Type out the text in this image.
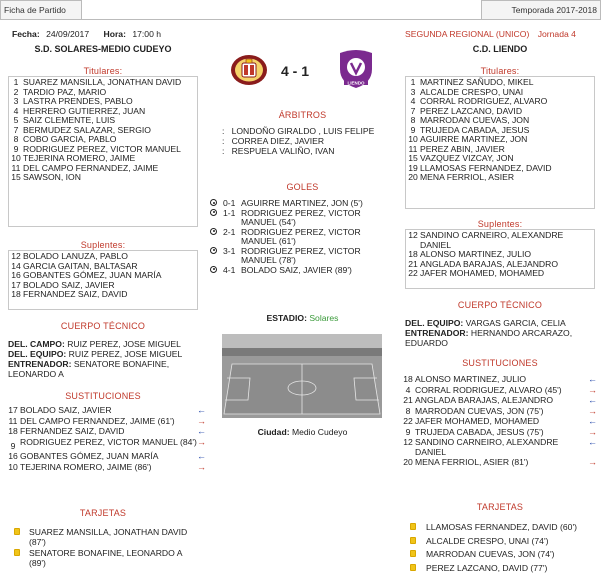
Ficha de Partido	Temporada 2017-2018
Fecha: 24/09/2017 Hora: 17:00 h	SEGUNDA REGIONAL (UNICO) Jornada 4
S.D. SOLARES-MEDIO CUDEYO	C.D. LIENDO
4 - 1
LIENDO
Titulares:
1 SUAREZ MANSILLA, JONATHAN DAVID
2 TARDIO PAZ, MARIO
3 LASTRA PRENDES, PABLO
4 HERRERO GUTIERREZ, JUAN
5 SAIZ CLEMENTE, LUIS
7 BERMUDEZ SALAZAR, SERGIO
8 COBO GARCIA, PABLO
9 RODRIGUEZ PEREZ, VICTOR MANUEL
10 TEJERINA ROMERO, JAIME
11 DEL CAMPO FERNANDEZ, JAIME
15 SAWSON, ION
Suplentes:
12 BOLADO LANUZA, PABLO
14 GARCIA GAITAN, BALTASAR
16 GOBANTES GÓMEZ, JUAN MARÍA
17 BOLADO SAIZ, JAVIER
18 FERNANDEZ SAIZ, DAVID
CUERPO TÉCNICO
DEL. CAMPO: RUIZ PEREZ, JOSE MIGUEL
DEL. EQUIPO: RUIZ PEREZ, JOSE MIGUEL
ENTRENADOR: SENATORE BONAFINE, LEONARDO A
SUSTITUCIONES
17 BOLADO SAIZ, JAVIER	←
11 DEL CAMPO FERNANDEZ, JAIME (61')	→
18 FERNANDEZ SAIZ, DAVID	←
9 RODRIGUEZ PEREZ, VICTOR MANUEL (84') →
16 GOBANTES GÓMEZ, JUAN MARÍA	←
10 TEJERINA ROMERO, JAIME (86')	→
TARJETAS
SUAREZ MANSILLA, JONATHAN DAVID (87')
SENATORE BONAFINE, LEONARDO A (89')
ÁRBITROS
:   LONDOÑO GIRALDO , LUIS FELIPE
:   CORREA DIEZ, JAVIER
:   RESPUELA VALIÑO, IVAN
GOLES
0-1 AGUIRRE MARTINEZ, JON (5')
1-1 RODRIGUEZ PEREZ, VICTOR MANUEL (54')
2-1 RODRIGUEZ PEREZ, VICTOR MANUEL (61')
3-1 RODRIGUEZ PEREZ, VICTOR MANUEL (78')
4-1 BOLADO SAIZ, JAVIER (89')
ESTADIO: Solares
Ciudad: Medio Cudeyo
Titulares:
1 MARTINEZ SAÑUDO, MIKEL
3 ALCALDE CRESPO, UNAI
4 CORRAL RODRIGUEZ, ALVARO
7 PEREZ LAZCANO, DAVID
8 MARRODAN CUEVAS, JON
9 TRUJEDA CABADA, JESUS
10 AGUIRRE MARTINEZ, JON
11 PEREZ ABIN, JAVIER
15 VAZQUEZ VIZCAY, JON
19 LLAMOSAS FERNANDEZ, DAVID
20 MENA FERRIOL, ASIER
Suplentes:
12 SANDINO CARNEIRO, ALEXANDRE DANIEL
18 ALONSO MARTINEZ, JULIO
21 ANGLADA BARAJAS, ALEJANDRO
22 JAFER MOHAMED, MOHAMED
CUERPO TÉCNICO
DEL. EQUIPO: VARGAS GARCIA, CELIA
ENTRENADOR: HERNANDO ARCARAZO, EDUARDO
SUSTITUCIONES
18 ALONSO MARTINEZ, JULIO	←
4 CORRAL RODRIGUEZ, ALVARO (45')	→
21 ANGLADA BARAJAS, ALEJANDRO	←
8 MARRODAN CUEVAS, JON (75')	→
22 JAFER MOHAMED, MOHAMED	←
9 TRUJEDA CABADA, JESUS (75')	→
12 SANDINO CARNEIRO, ALEXANDRE DANIEL
←
20 MENA FERRIOL, ASIER (81')	→
TARJETAS
LLAMOSAS FERNANDEZ, DAVID (60')
ALCALDE CRESPO, UNAI (74')
MARRODAN CUEVAS, JON (74')
PEREZ LAZCANO, DAVID (77')
